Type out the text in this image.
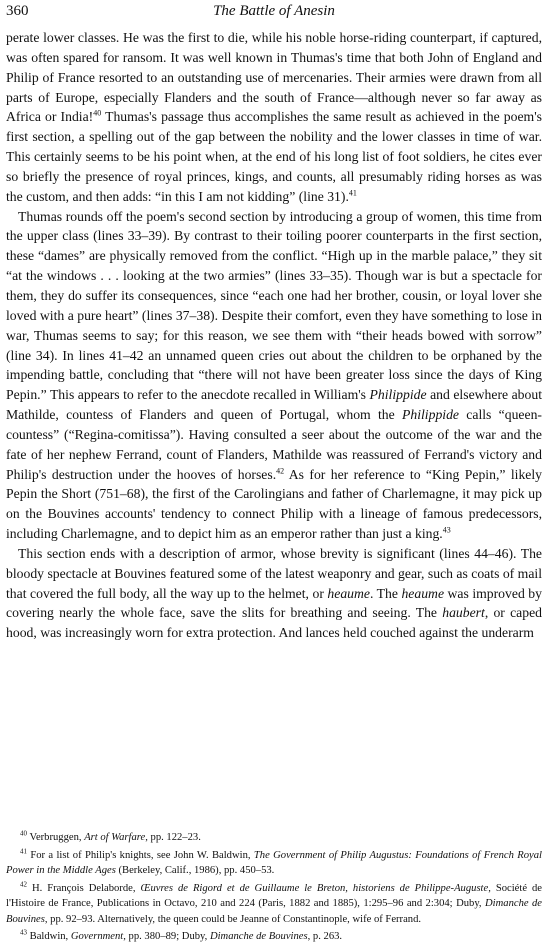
360	The Battle of Anesin

perate lower classes. He was the first to die, while his noble horse-riding counterpart, if captured, was often spared for ransom. It was well known in Thumas's time that both John of England and Philip of France resorted to an outstanding use of mercenaries. Their armies were drawn from all parts of Europe, especially Flanders and the south of France—although never so far away as Africa or India!$^{40}$ Thumas's passage thus accomplishes the same result as achieved in the poem's first section, a spelling out of the gap between the nobility and the lower classes in time of war. This certainly seems to be his point when, at the end of his long list of foot soldiers, he cites ever so briefly the presence of royal princes, kings, and counts, all presumably riding horses as was the custom, and then adds: “in this I am not kidding” (line 31).$^{41}$

Thumas rounds off the poem's second section by introducing a group of women, this time from the upper class (lines 33–39). By contrast to their toiling poorer counterparts in the first section, these “dames” are physically removed from the conflict. “High up in the marble palace,” they sit “at the windows . . . looking at the two armies” (lines 33–35). Though war is but a spectacle for them, they do suffer its consequences, since “each one had her brother, cousin, or loyal lover she loved with a pure heart” (lines 37–38). Despite their comfort, even they have something to lose in war, Thumas seems to say; for this reason, we see them with “their heads bowed with sorrow” (line 34). In lines 41–42 an unnamed queen cries out about the children to be orphaned by the impending battle, concluding that “there will not have been greater loss since the days of King Pepin.” This appears to refer to the anecdote recalled in William's Philippide and elsewhere about Mathilde, countess of Flanders and queen of Portugal, whom the Philippide calls “queen-countess” (“Regina-comitissa”). Having consulted a seer about the outcome of the war and the fate of her nephew Ferrand, count of Flanders, Mathilde was reassured of Ferrand's victory and Philip's destruction under the hooves of horses.$^{42}$ As for her reference to “King Pepin,” likely Pepin the Short (751–68), the first of the Carolingians and father of Charlemagne, it may pick up on the Bouvines accounts' tendency to connect Philip with a lineage of famous predecessors, including Charlemagne, and to depict him as an emperor rather than just a king.$^{43}$

This section ends with a description of armor, whose brevity is significant (lines 44–46). The bloody spectacle at Bouvines featured some of the latest weaponry and gear, such as coats of mail that covered the full body, all the way up to the helmet, or heaume. The heaume was improved by covering nearly the whole face, save the slits for breathing and seeing. The haubert, or caped hood, was increasingly worn for extra protection. And lances held couched against the underarm

$^{40}$ Verbruggen, Art of Warfare, pp. 122–23.

$^{41}$ For a list of Philip's knights, see John W. Baldwin, The Government of Philip Augustus: Foundations of French Royal Power in the Middle Ages (Berkeley, Calif., 1986), pp. 450–53.

$^{42}$ H. François Delaborde, Œuvres de Rigord et de Guillaume le Breton, historiens de Philippe-Auguste, Société de l'Histoire de France, Publications in Octavo, 210 and 224 (Paris, 1882 and 1885), 1:295–96 and 2:304; Duby, Dimanche de Bouvines, pp. 92–93. Alternatively, the queen could be Jeanne of Constantinople, wife of Ferrand.

$^{43}$ Baldwin, Government, pp. 380–89; Duby, Dimanche de Bouvines, p. 263.
